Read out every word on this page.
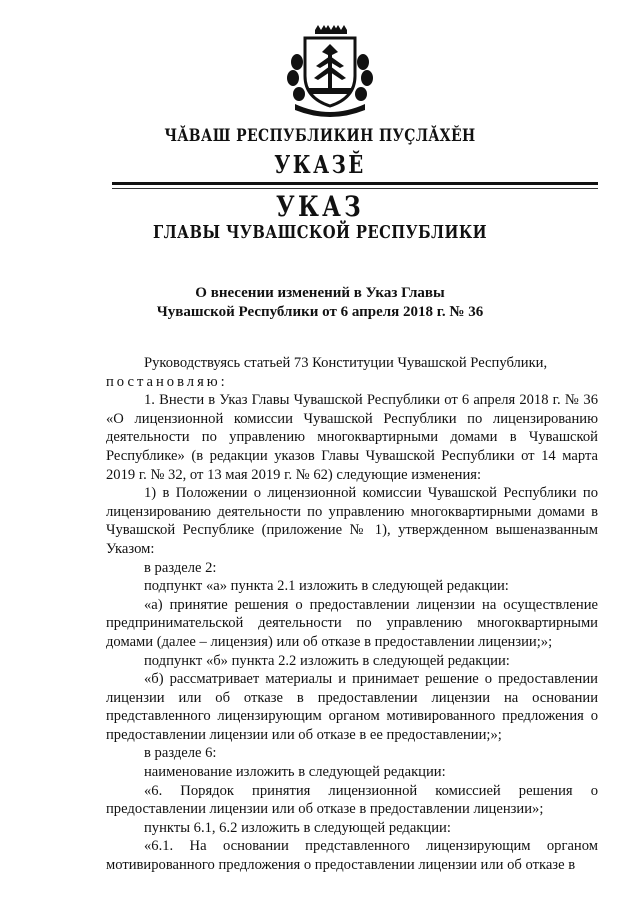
ЧĂВАШ РЕСПУБЛИКИН ПУÇЛĂХĔН
УКАЗĔ
УКАЗ
ГЛАВЫ ЧУВАШСКОЙ РЕСПУБЛИКИ
О внесении изменений в Указ Главы
Чувашской Республики от 6 апреля 2018 г. № 36

Руководствуясь статьей 73 Конституции Чувашской Республики,

постановляю:

1. Внести в Указ Главы Чувашской Республики от 6 апреля 2018 г. № 36 «О лицензионной комиссии Чувашской Республики по лицензированию деятельности по управлению многоквартирными домами в Чувашской Республике» (в редакции указов Главы Чувашской Республики от 14 марта 2019 г. № 32, от 13 мая 2019 г. № 62) следующие изменения:

1) в Положении о лицензионной комиссии Чувашской Республики по лицензированию деятельности по управлению многоквартирными домами в Чувашской Республике (приложение № 1), утвержденном вышеназванным Указом:

в разделе 2:

подпункт «а» пункта 2.1 изложить в следующей редакции:

«а) принятие решения о предоставлении лицензии на осуществление предпринимательской деятельности по управлению многоквартирными домами (далее – лицензия) или об отказе в предоставлении лицензии;»;

подпункт «б» пункта 2.2 изложить в следующей редакции:

«б) рассматривает материалы и принимает решение о предоставлении лицензии или об отказе в предоставлении лицензии на основании представленного лицензирующим органом мотивированного предложения о предоставлении лицензии или об отказе в ее предоставлении;»;

в разделе 6:

наименование изложить в следующей редакции:

«6. Порядок принятия лицензионной комиссией решения о предоставлении лицензии или об отказе в предоставлении лицензии»;

пункты 6.1, 6.2 изложить в следующей редакции:

«6.1. На основании представленного лицензирующим органом мотивированного предложения о предоставлении лицензии или об отказе в
